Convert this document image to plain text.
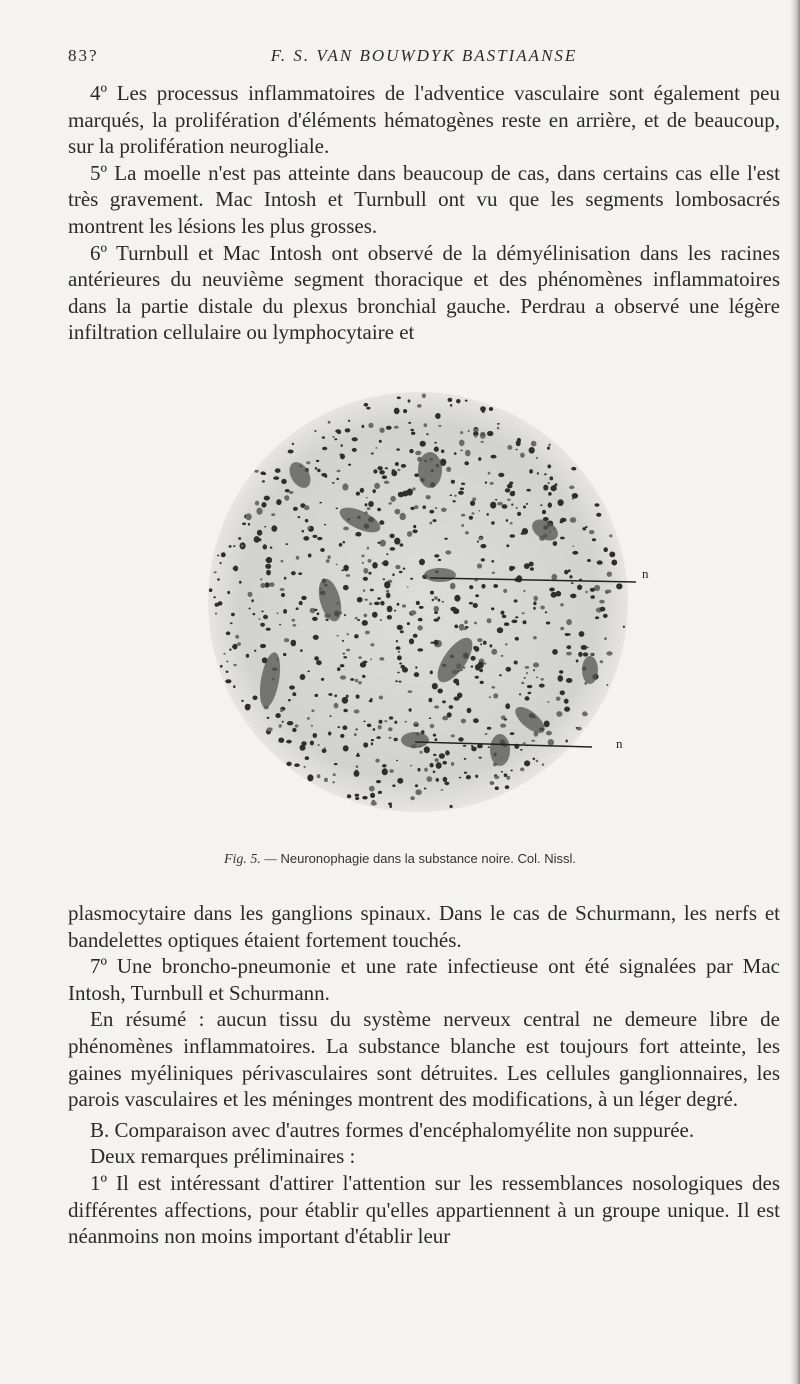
83?	F. S. VAN BOUWDYK BASTIAANSE

4º Les processus inflammatoires de l'adventice vasculaire sont également peu marqués, la prolifération d'éléments hématogènes reste en arrière, et de beaucoup, sur la prolifération neurogliale.

5º La moelle n'est pas atteinte dans beaucoup de cas, dans certains cas elle l'est très gravement. Mac Intosh et Turnbull ont vu que les segments lombosacrés montrent les lésions les plus grosses.

6º Turnbull et Mac Intosh ont observé de la démyélinisation dans les racines antérieures du neuvième segment thoracique et des phénomènes inflammatoires dans la partie distale du plexus bronchial gauche. Perdrau a observé une légère infiltration cellulaire ou lymphocytaire et

n
n
Fig. 5. — Neuronophagie dans la substance noire. Col. Nissl.

plasmocytaire dans les ganglions spinaux. Dans le cas de Schurmann, les nerfs et bandelettes optiques étaient fortement touchés.

7º Une broncho-pneumonie et une rate infectieuse ont été signalées par Mac Intosh, Turnbull et Schurmann.

En résumé : aucun tissu du système nerveux central ne demeure libre de phénomènes inflammatoires. La substance blanche est toujours fort atteinte, les gaines myéliniques périvasculaires sont détruites. Les cellules ganglionnaires, les parois vasculaires et les méninges montrent des modifications, à un léger degré.

B. Comparaison avec d'autres formes d'encéphalomyélite non suppurée.

Deux remarques préliminaires :

1º Il est intéressant d'attirer l'attention sur les ressemblances nosologiques des différentes affections, pour établir qu'elles appartiennent à un groupe unique. Il est néanmoins non moins important d'établir leur
